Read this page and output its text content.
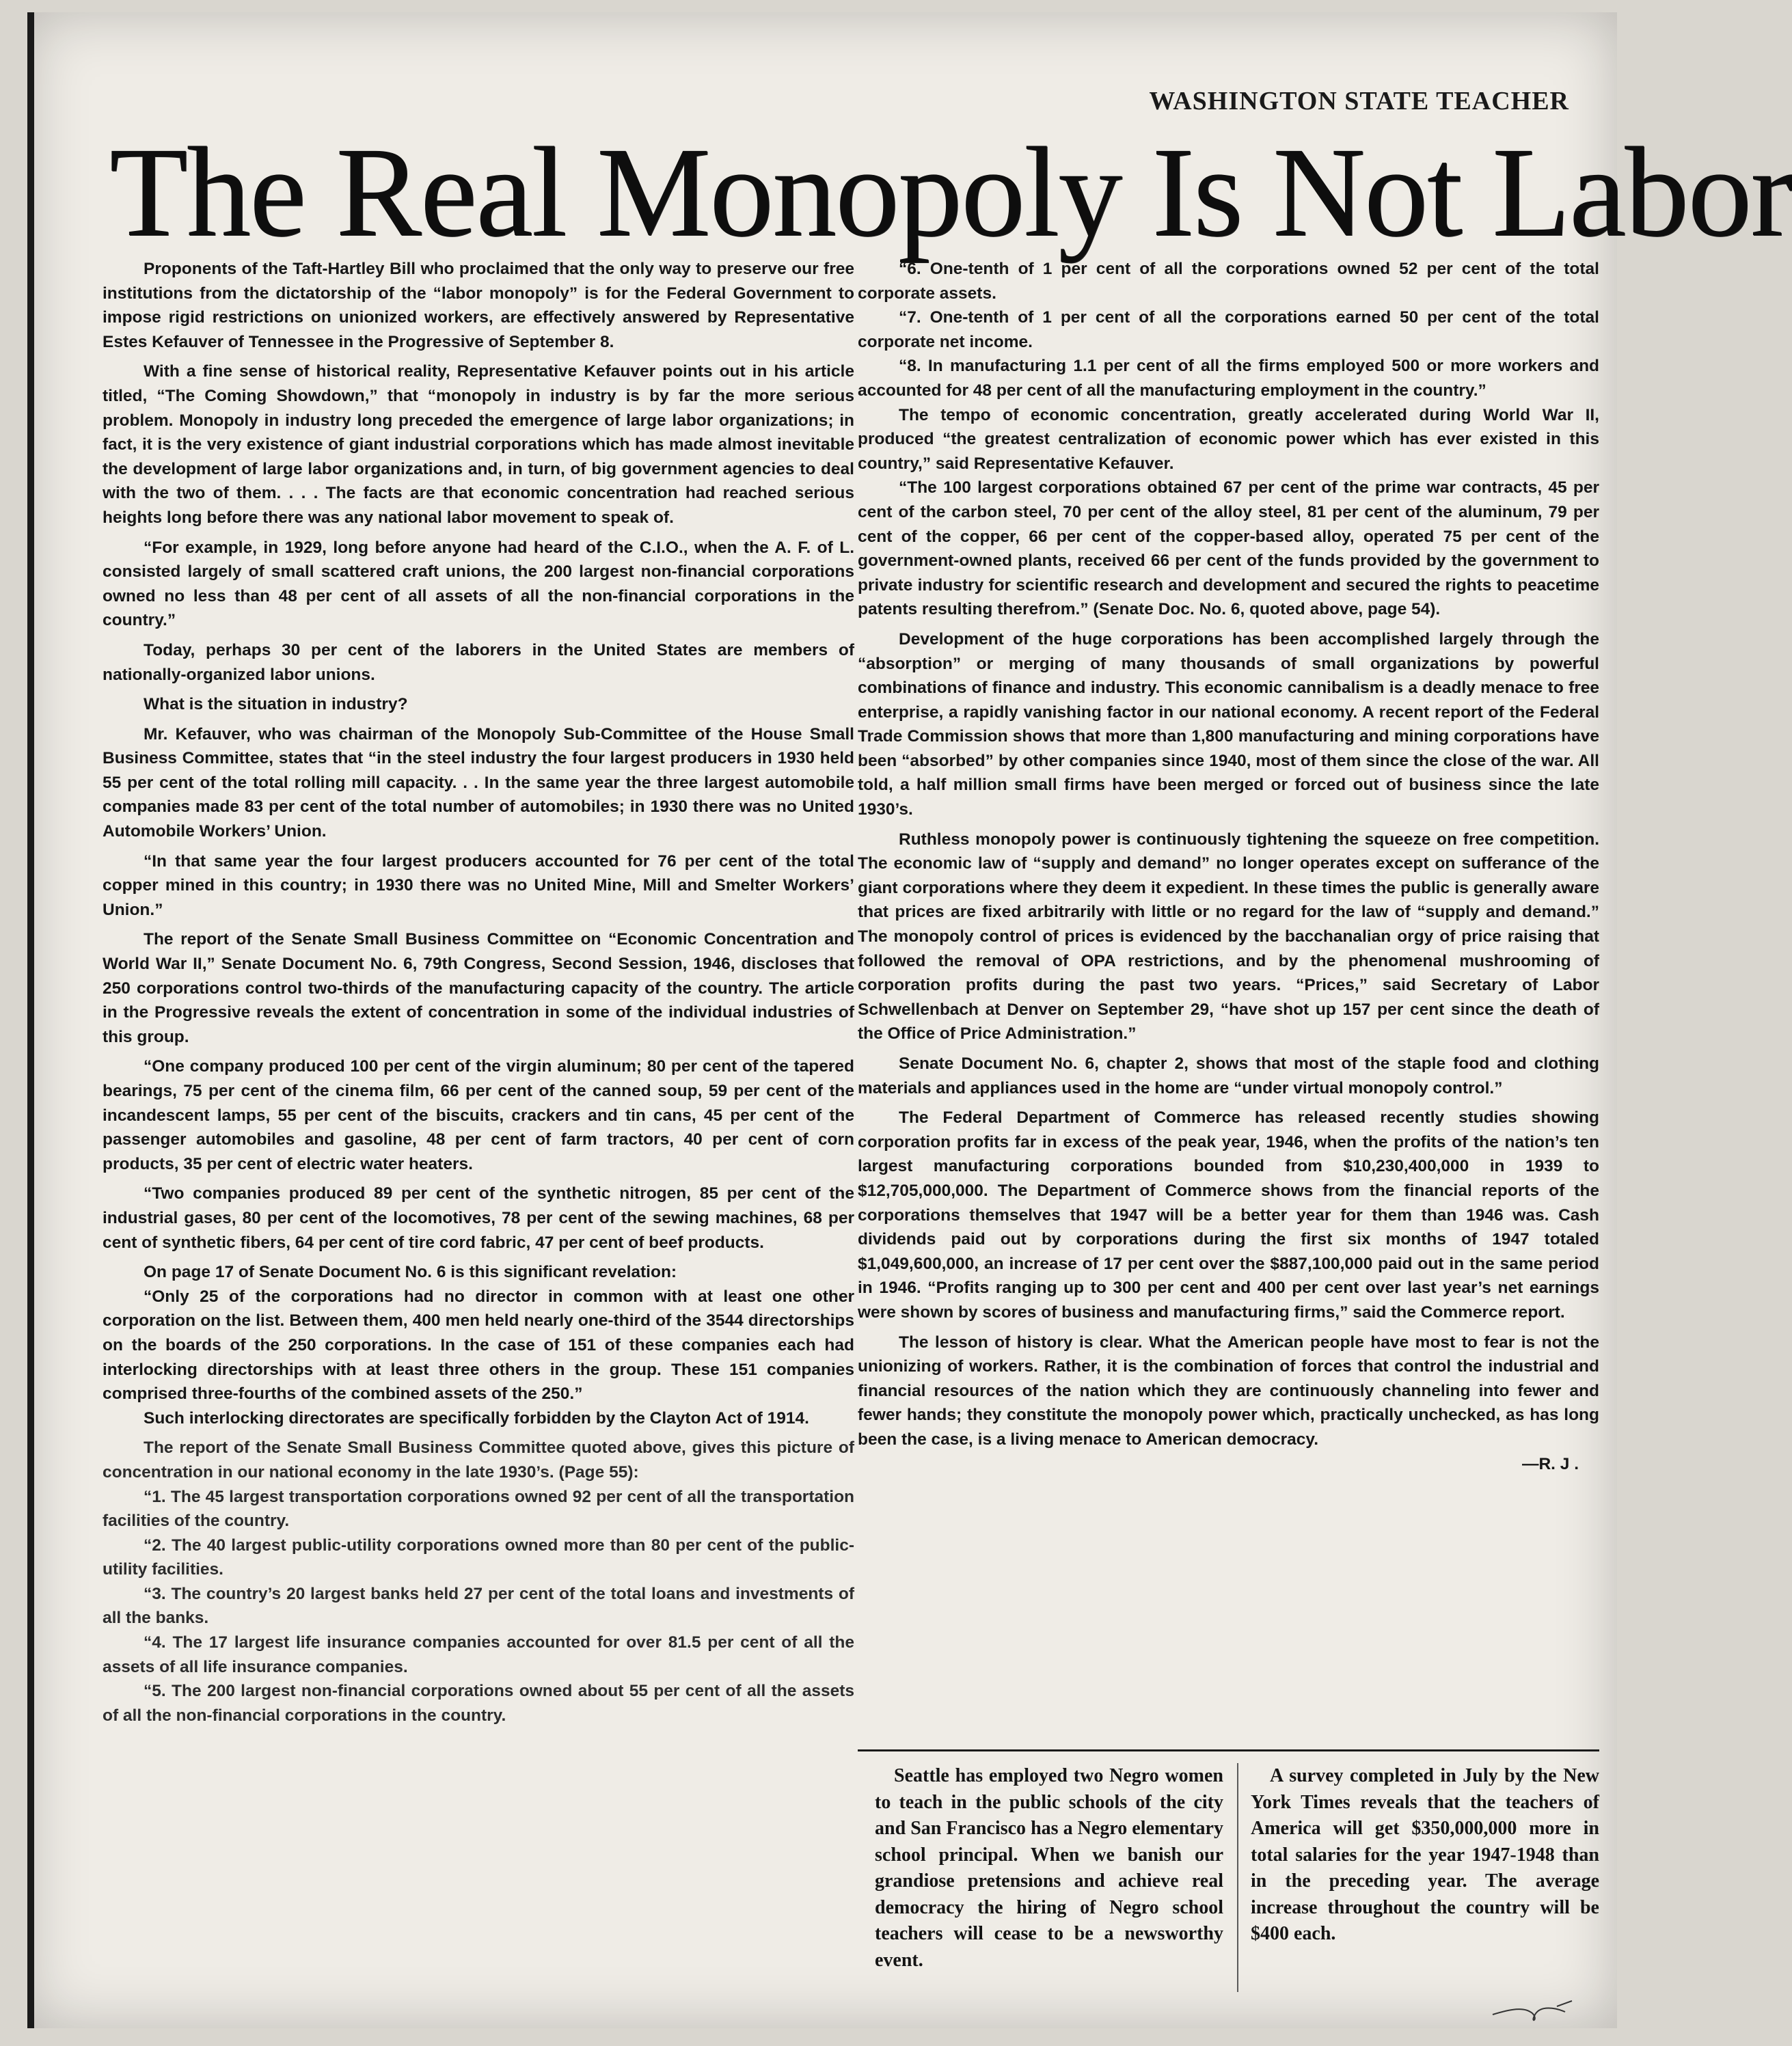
WASHINGTON STATE TEACHER
The Real Monopoly Is Not Labor

Proponents of the Taft-Hartley Bill who proclaimed that the only way to preserve our free institutions from the dictatorship of the “labor monopoly” is for the Federal Government to impose rigid restrictions on unionized workers, are effectively answered by Representative Estes Kefauver of Tennessee in the Progressive of September 8.

With a fine sense of historical reality, Representative Kefauver points out in his article titled, “The Coming Showdown,” that “monopoly in industry is by far the more serious problem. Monopoly in industry long preceded the emergence of large labor organizations; in fact, it is the very existence of giant industrial corporations which has made almost inevitable the development of large labor organizations and, in turn, of big government agencies to deal with the two of them. . . . The facts are that economic concentration had reached serious heights long before there was any national labor movement to speak of.

“For example, in 1929, long before anyone had heard of the C.I.O., when the A. F. of L. consisted largely of small scattered craft unions, the 200 largest non-financial corporations owned no less than 48 per cent of all assets of all the non-financial corporations in the country.”

Today, perhaps 30 per cent of the laborers in the United States are members of nationally-organized labor unions.

What is the situation in industry?

Mr. Kefauver, who was chairman of the Monopoly Sub-Committee of the House Small Business Committee, states that “in the steel industry the four largest producers in 1930 held 55 per cent of the total rolling mill capacity. . . In the same year the three largest automobile companies made 83 per cent of the total number of automobiles; in 1930 there was no United Automobile Workers’ Union.

“In that same year the four largest producers accounted for 76 per cent of the total copper mined in this country; in 1930 there was no United Mine, Mill and Smelter Workers’ Union.”

The report of the Senate Small Business Committee on “Economic Concentration and World War II,” Senate Document No. 6, 79th Congress, Second Session, 1946, discloses that 250 corporations control two-thirds of the manufacturing capacity of the country. The article in the Progressive reveals the extent of concentration in some of the individual industries of this group.

“One company produced 100 per cent of the virgin aluminum; 80 per cent of the tapered bearings, 75 per cent of the cinema film, 66 per cent of the canned soup, 59 per cent of the incandescent lamps, 55 per cent of the biscuits, crackers and tin cans, 45 per cent of the passenger automobiles and gasoline, 48 per cent of farm tractors, 40 per cent of corn products, 35 per cent of electric water heaters.

“Two companies produced 89 per cent of the synthetic nitrogen, 85 per cent of the industrial gases, 80 per cent of the locomotives, 78 per cent of the sewing machines, 68 per cent of synthetic fibers, 64 per cent of tire cord fabric, 47 per cent of beef products.

On page 17 of Senate Document No. 6 is this significant revelation:

“Only 25 of the corporations had no director in common with at least one other corporation on the list. Between them, 400 men held nearly one-third of the 3544 directorships on the boards of the 250 corporations. In the case of 151 of these companies each had interlocking directorships with at least three others in the group. These 151 companies comprised three-fourths of the combined assets of the 250.”

Such interlocking directorates are specifically forbidden by the Clayton Act of 1914.

The report of the Senate Small Business Committee quoted above, gives this picture of concentration in our national economy in the late 1930’s. (Page 55):

“1. The 45 largest transportation corporations owned 92 per cent of all the transportation facilities of the country.

“2. The 40 largest public-utility corporations owned more than 80 per cent of the public-utility facilities.

“3. The country’s 20 largest banks held 27 per cent of the total loans and investments of all the banks.

“4. The 17 largest life insurance companies accounted for over 81.5 per cent of all the assets of all life insurance companies.

“5. The 200 largest non-financial corporations owned about 55 per cent of all the assets of all the non-financial corporations in the country.

“6. One-tenth of 1 per cent of all the corporations owned 52 per cent of the total corporate assets.

“7. One-tenth of 1 per cent of all the corporations earned 50 per cent of the total corporate net income.

“8. In manufacturing 1.1 per cent of all the firms employed 500 or more workers and accounted for 48 per cent of all the manufacturing employment in the country.”

The tempo of economic concentration, greatly accelerated during World War II, produced “the greatest centralization of economic power which has ever existed in this country,” said Representative Kefauver.

“The 100 largest corporations obtained 67 per cent of the prime war contracts, 45 per cent of the carbon steel, 70 per cent of the alloy steel, 81 per cent of the aluminum, 79 per cent of the copper, 66 per cent of the copper-based alloy, operated 75 per cent of the government-owned plants, received 66 per cent of the funds provided by the government to private industry for scientific research and development and secured the rights to peacetime patents resulting therefrom.” (Senate Doc. No. 6, quoted above, page 54).

Development of the huge corporations has been accomplished largely through the “absorption” or merging of many thousands of small organizations by powerful combinations of finance and industry. This economic cannibalism is a deadly menace to free enterprise, a rapidly vanishing factor in our national economy. A recent report of the Federal Trade Commission shows that more than 1,800 manufacturing and mining corporations have been “absorbed” by other companies since 1940, most of them since the close of the war. All told, a half million small firms have been merged or forced out of business since the late 1930’s.

Ruthless monopoly power is continuously tightening the squeeze on free competition. The economic law of “supply and demand” no longer operates except on sufferance of the giant corporations where they deem it expedient. In these times the public is generally aware that prices are fixed arbitrarily with little or no regard for the law of “supply and demand.” The monopoly control of prices is evidenced by the bacchanalian orgy of price raising that followed the removal of OPA restrictions, and by the phenomenal mushrooming of corporation profits during the past two years. “Prices,” said Secretary of Labor Schwellenbach at Denver on September 29, “have shot up 157 per cent since the death of the Office of Price Administration.”

Senate Document No. 6, chapter 2, shows that most of the staple food and clothing materials and appliances used in the home are “under virtual monopoly control.”

The Federal Department of Commerce has released recently studies showing corporation profits far in excess of the peak year, 1946, when the profits of the nation’s ten largest manufacturing corporations bounded from $10,230,400,000 in 1939 to $12,705,000,000. The Department of Commerce shows from the financial reports of the corporations themselves that 1947 will be a better year for them than 1946 was. Cash dividends paid out by corporations during the first six months of 1947 totaled $1,049,600,000, an increase of 17 per cent over the $887,100,000 paid out in the same period in 1946. “Profits ranging up to 300 per cent and 400 per cent over last year’s net earnings were shown by scores of business and manufacturing firms,” said the Commerce report.

The lesson of history is clear. What the American people have most to fear is not the unionizing of workers. Rather, it is the combination of forces that control the industrial and financial resources of the nation which they are continuously channeling into fewer and fewer hands; they constitute the monopoly power which, practically unchecked, as has long been the case, is a living menace to American democracy.

—R. J .

Seattle has employed two Negro women to teach in the public schools of the city and San Francisco has a Negro elementary school principal. When we banish our grandiose pretensions and achieve real democracy the hiring of Negro school teachers will cease to be a newsworthy event.

A survey completed in July by the New York Times reveals that the teachers of America will get $350,000,000 more in total salaries for the year 1947-1948 than in the preceding year. The average increase throughout the country will be $400 each.
